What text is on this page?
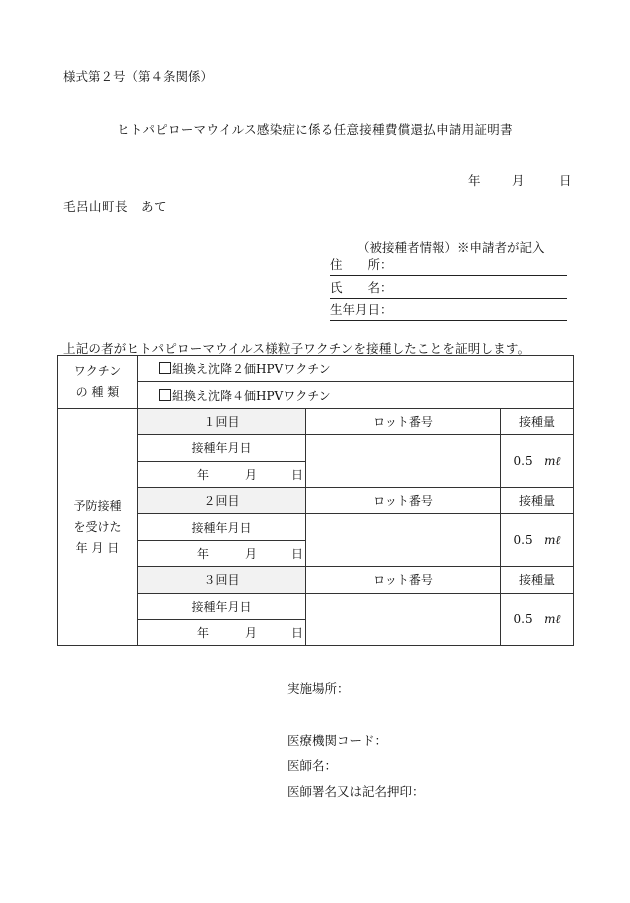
様式第２号（第４条関係）
ヒトパピローマウイルス感染症に係る任意接種費償還払申請用証明書
年	月	日
毛呂山町長　あて
（被接種者情報）※申請者が記入
住　　所：
氏　　名：
生年月日：
上記の者がヒトパピローマウイルス様粒子ワクチンを接種したことを証明します。
ワクチン
の 種 類	組換え沈降２価HPVワクチン		
	組換え沈降４価HPVワクチン		
予防接種
を受けた
年 月 日	１回目	ロット番号	接種量
	接種年月日		0.5 mℓ
	年 月 日		
	２回目	ロット番号	接種量
	接種年月日		0.5 mℓ
	年 月 日		
	３回目	ロット番号	接種量
	接種年月日		0.5 mℓ
	年 月 日		
実施場所：
医療機関コード：
医師名：
医師署名又は記名押印：
